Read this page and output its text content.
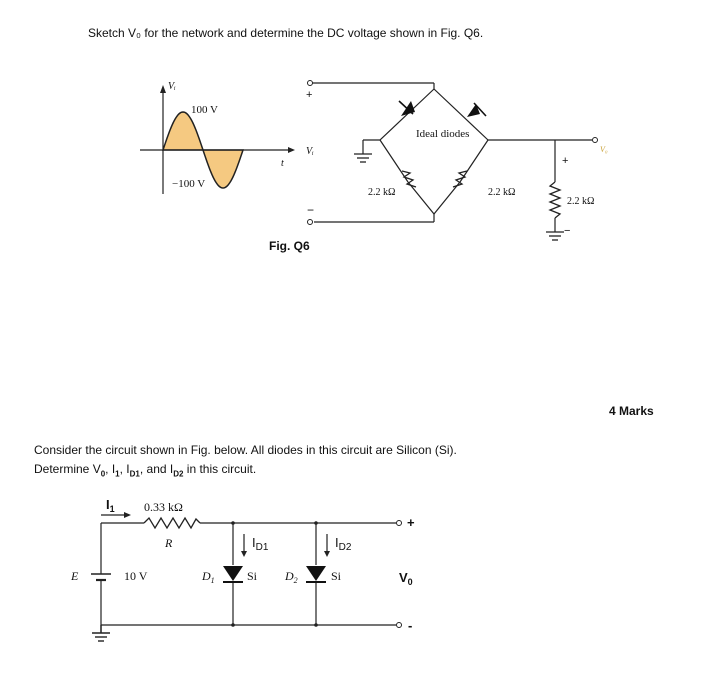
Sketch V₀ for the network and determine the DC voltage shown in Fig. Q6.
Vᵢ
t
100 V
−100 V
+
Vᵢ
−
Ideal diodes
2.2 kΩ	2.2 kΩ
2.2 kΩ
V₀
+
−
Fig. Q6
4 Marks
Consider the circuit shown in Fig. below. All diodes in this circuit are Silicon (Si).
Determine $V_0$, $I_1$, $I_{D1}$, and $I_{D2}$ in this circuit.
$I_1$ 0.33 kΩ
R
E	10 V
$I_{D1}$	$I_{D2}$
$D_1$	Si $D_2$	Si
+
-
$V_0$
